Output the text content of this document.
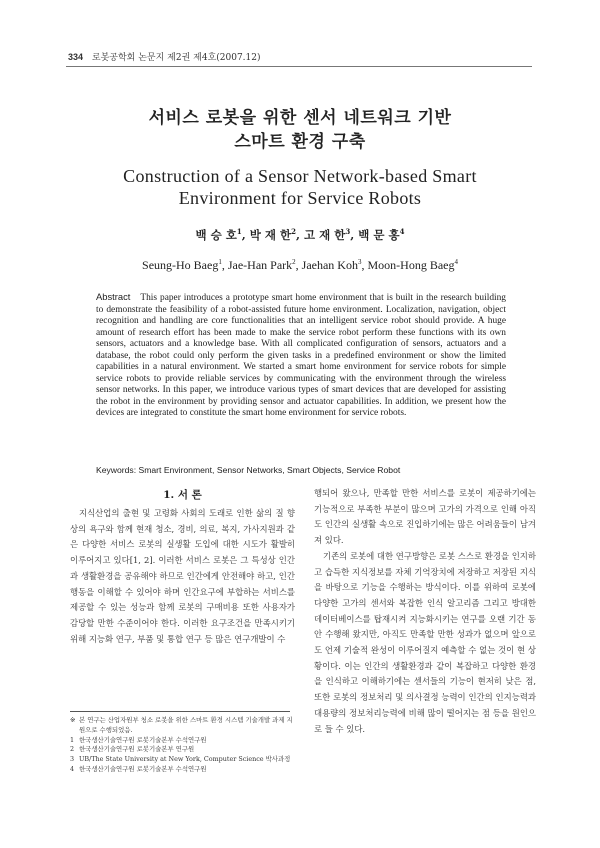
334 로봇공학회 논문지 제2권 제4호(2007.12)
서비스 로봇을 위한 센서 네트워크 기반
스마트 환경 구축
Construction of a Sensor Network-based Smart
Environment for Service Robots
백 승 호$^1$, 박 재 한$^2$, 고 재 한$^3$, 백 문 홍$^4$
Seung-Ho Baeg$^1$, Jae-Han Park$^2$, Jaehan Koh$^3$, Moon-Hong Baeg$^4$
Abstract This paper introduces a prototype smart home environment that is built in the research building to demonstrate the feasibility of a robot-assisted future home environment. Localization, navigation, object recognition and handling are core functionalities that an intelligent service robot should provide. A huge amount of research effort has been made to make the service robot perform these functions with its own sensors, actuators and a knowledge base. With all complicated configuration of sensors, actuators and a database, the robot could only perform the given tasks in a predefined environment or show the limited capabilities in a natural environment. We started a smart home environment for service robots for simple service robots to provide reliable services by communicating with the environment through the wireless sensor networks. In this paper, we introduce various types of smart devices that are developed for assisting the robot in the environment by providing sensor and actuator capabilities. In addition, we present how the devices are integrated to constitute the smart home environment for service robots.
Keywords: Smart Environment, Sensor Networks, Smart Objects, Service Robot
1. 서 론

지식산업의 출현 및 고령화 사회의 도래로 인한 삶의 질 향상의 욕구와 함께 현재 청소, 경비, 의료, 복지, 가사지원과 같은 다양한 서비스 로봇의 실생활 도입에 대한 시도가 활발히 이루어지고 있다[1, 2]. 이러한 서비스 로봇은 그 특성상 인간과 생활환경을 공유해야 하므로 인간에게 안전해야 하고, 인간행동을 이해할 수 있어야 하며 인간요구에 부합하는 서비스를 제공할 수 있는 성능과 함께 로봇의 구매비용 또한 사용자가 감당할 만한 수준이어야 한다. 이러한 요구조건을 만족시키기 위해 지능화 연구, 부품 및 통합 연구 등 많은 연구개발이 수

행되어 왔으나, 만족할 만한 서비스를 로봇이 제공하기에는 기능적으로 부족한 부분이 많으며 고가의 가격으로 인해 아직도 인간의 실생활 속으로 진입하기에는 많은 어려움들이 남겨져 있다.

기존의 로봇에 대한 연구방향은 로봇 스스로 환경을 인지하고 습득한 지식정보를 자체 기억장치에 저장하고 저장된 지식을 바탕으로 기능을 수행하는 방식이다. 이를 위하여 로봇에 다양한 고가의 센서와 복잡한 인식 알고리즘 그리고 방대한 데이터베이스를 탑재시켜 지능화시키는 연구를 오랜 기간 동안 수행해 왔지만, 아직도 만족할 만한 성과가 없으며 앞으로도 언제 기술적 완성이 이루어질지 예측할 수 없는 것이 현 상황이다. 이는 인간의 생활환경과 같이 복잡하고 다양한 환경을 인식하고 이해하기에는 센서들의 기능이 현저히 낮은 점, 또한 로봇의 정보처리 및 의사결정 능력이 인간의 인지능력과 대용량의 정보처리능력에 비해 많이 떨어지는 점 등을 원인으로 들 수 있다.

※ 본 연구는 산업자원부 청소 로봇을 위한 스마트 환경 시스템 기술개발 과제 지원으로 수행되었음.
1 한국생산기술연구원 로봇기술본부 수석연구원
2 한국생산기술연구원 로봇기술본부 연구원
3 UB/The State University at New York, Computer Science 박사과정
4 한국생산기술연구원 로봇기술본부 수석연구원
